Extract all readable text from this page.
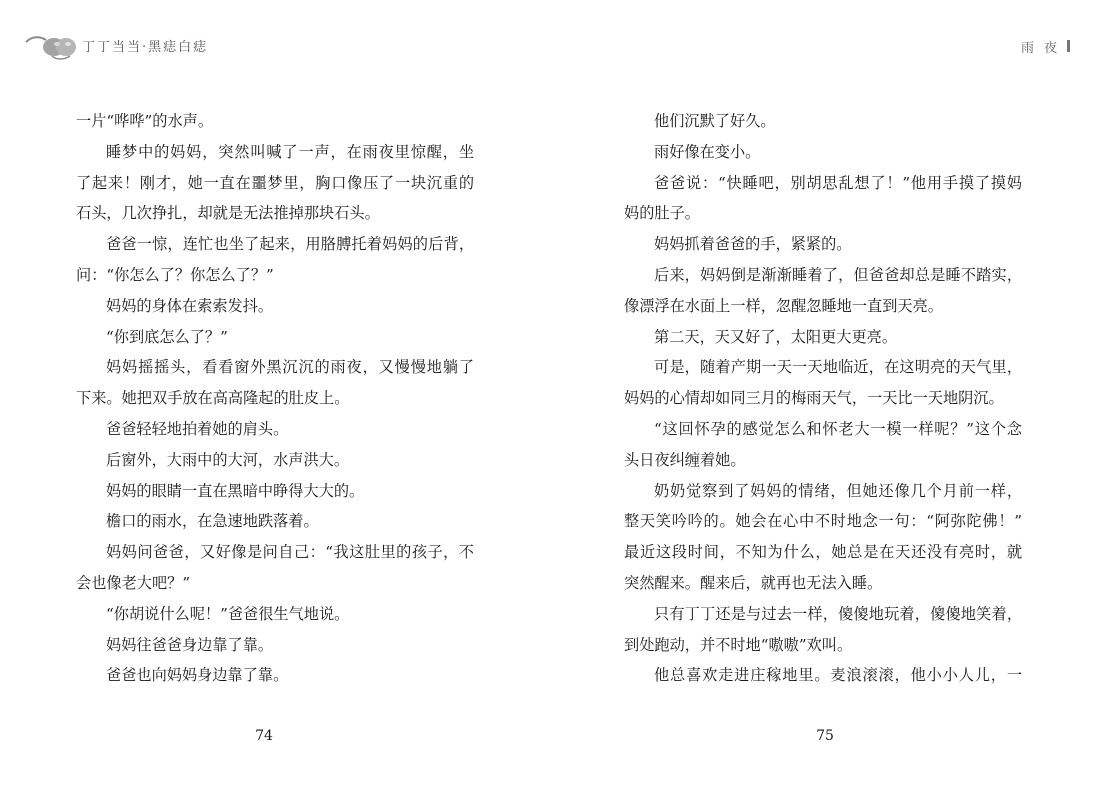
丁丁当当·黑痣白痣
一片“哗哗”的水声。
睡梦中的妈妈，突然叫喊了一声，在雨夜里惊醒，坐
了起来！刚才，她一直在噩梦里，胸口像压了一块沉重的
石头，几次挣扎，却就是无法推掉那块石头。
爸爸一惊，连忙也坐了起来，用胳膊托着妈妈的后背，
问：“你怎么了？你怎么了？”
妈妈的身体在索索发抖。
“你到底怎么了？”
妈妈摇摇头，看看窗外黑沉沉的雨夜，又慢慢地躺了
下来。她把双手放在高高隆起的肚皮上。
爸爸轻轻地拍着她的肩头。
后窗外，大雨中的大河，水声洪大。
妈妈的眼睛一直在黑暗中睁得大大的。
檐口的雨水，在急速地跌落着。
妈妈问爸爸，又好像是问自己：“我这肚里的孩子，不
会也像老大吧？”
“你胡说什么呢！”爸爸很生气地说。
妈妈往爸爸身边靠了靠。
爸爸也向妈妈身边靠了靠。
74
雨夜
他们沉默了好久。
雨好像在变小。
爸爸说：“快睡吧，别胡思乱想了！”他用手摸了摸妈
妈的肚子。
妈妈抓着爸爸的手，紧紧的。
后来，妈妈倒是渐渐睡着了，但爸爸却总是睡不踏实，
像漂浮在水面上一样，忽醒忽睡地一直到天亮。
第二天，天又好了，太阳更大更亮。
可是，随着产期一天一天地临近，在这明亮的天气里，
妈妈的心情却如同三月的梅雨天气，一天比一天地阴沉。
“这回怀孕的感觉怎么和怀老大一模一样呢？”这个念
头日夜纠缠着她。
奶奶觉察到了妈妈的情绪，但她还像几个月前一样，
整天笑吟吟的。她会在心中不时地念一句：“阿弥陀佛！”
最近这段时间，不知为什么，她总是在天还没有亮时，就
突然醒来。醒来后，就再也无法入睡。
只有丁丁还是与过去一样，傻傻地玩着，傻傻地笑着，
到处跑动，并不时地“嗷嗷”欢叫。
他总喜欢走进庄稼地里。麦浪滚滚，他小小人儿，一
75
